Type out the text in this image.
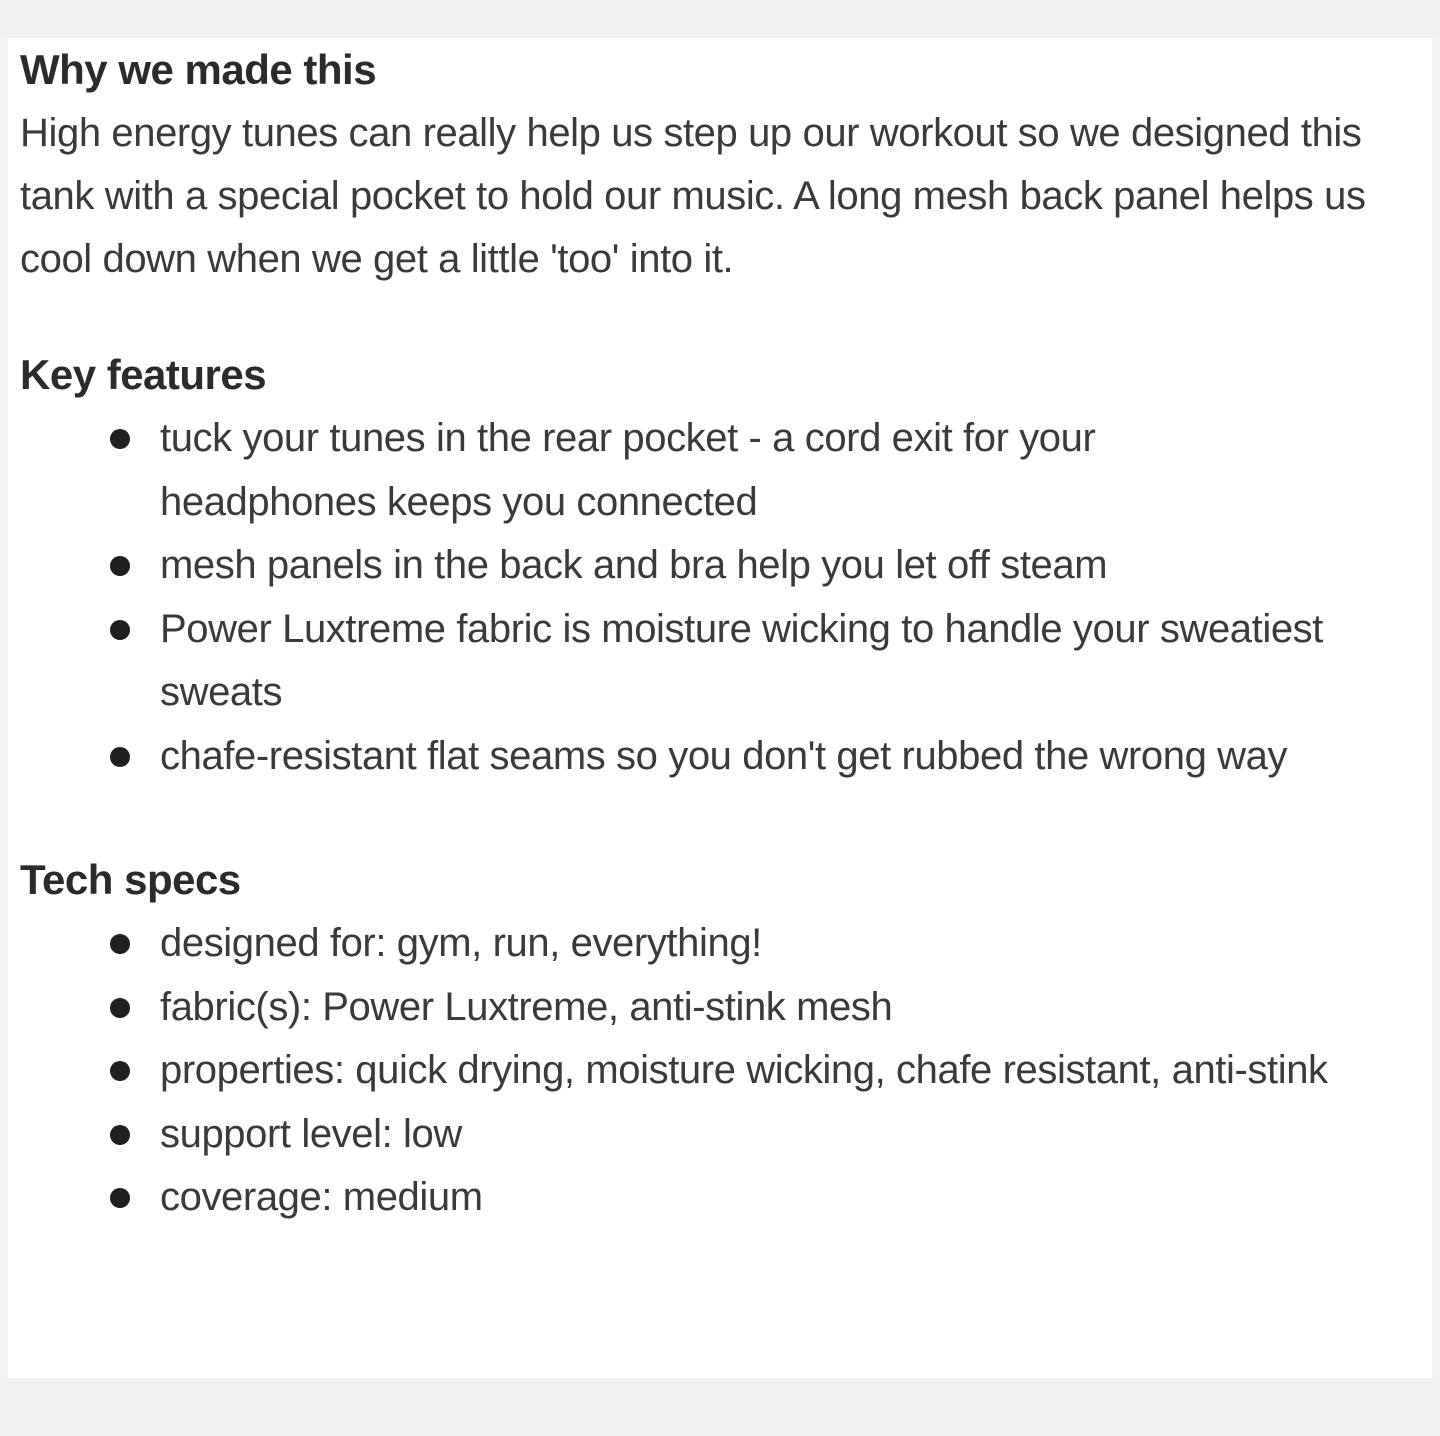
Why we made this

High energy tunes can really help us step up our workout so we designed this tank with a special pocket to hold our music. A long mesh back panel helps us cool down when we get a little 'too' into it.

Key features
tuck your tunes in the rear pocket - a cord exit for your headphones keeps you connected
mesh panels in the back and bra help you let off steam
Power Luxtreme fabric is moisture wicking to handle your sweatiest sweats
chafe-resistant flat seams so you don't get rubbed the wrong way
Tech specs
designed for: gym, run, everything!
fabric(s): Power Luxtreme, anti-stink mesh
properties: quick drying, moisture wicking, chafe resistant, anti-stink
support level: low
coverage: medium
